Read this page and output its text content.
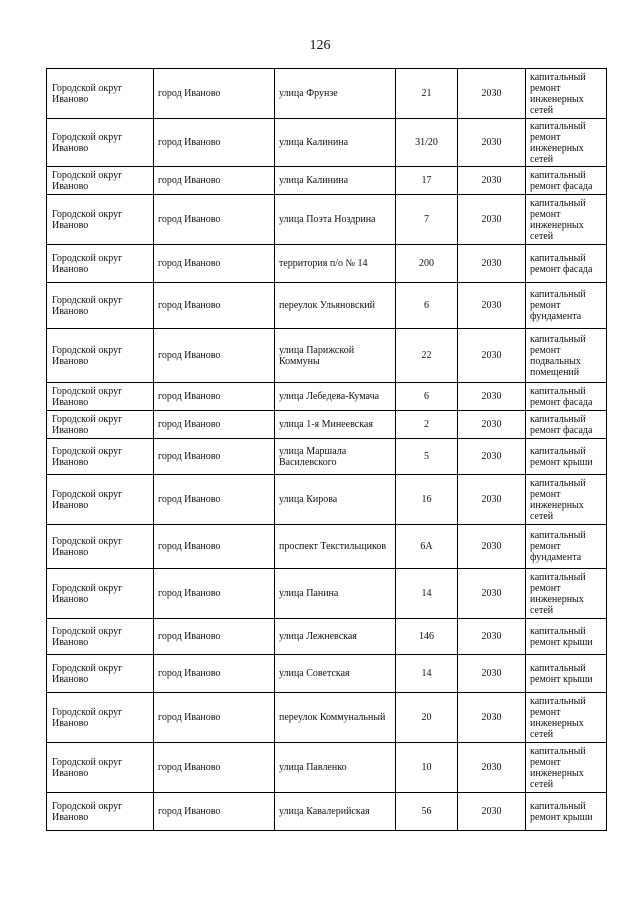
126
Городской округ Иваново	город Иваново	улица Фрунзе	21	2030	капитальный ремонт инженерных сетей
Городской округ Иваново	город Иваново	улица Калинина	31/20	2030	капитальный ремонт инженерных сетей
Городской округ Иваново	город Иваново	улица Калинина	17	2030	капитальный ремонт фасада
Городской округ Иваново	город Иваново	улица Поэта Ноздрина	7	2030	капитальный ремонт инженерных сетей
Городской округ Иваново	город Иваново	территория п/о № 14	200	2030	капитальный ремонт фасада
Городской округ Иваново	город Иваново	переулок Ульяновский	6	2030	капитальный ремонт фундамента
Городской округ Иваново	город Иваново	улица Парижской Коммуны	22	2030	капитальный ремонт подвальных помещений
Городской округ Иваново	город Иваново	улица Лебедева-Кумача	6	2030	капитальный ремонт фасада
Городской округ Иваново	город Иваново	улица 1-я Минеевская	2	2030	капитальный ремонт фасада
Городской округ Иваново	город Иваново	улица Маршала Василевского	5	2030	капитальный ремонт крыши
Городской округ Иваново	город Иваново	улица Кирова	16	2030	капитальный ремонт инженерных сетей
Городской округ Иваново	город Иваново	проспект Текстильщиков	6А	2030	капитальный ремонт фундамента
Городской округ Иваново	город Иваново	улица Панина	14	2030	капитальный ремонт инженерных сетей
Городской округ Иваново	город Иваново	улица Лежневская	146	2030	капитальный ремонт крыши
Городской округ Иваново	город Иваново	улица Советская	14	2030	капитальный ремонт крыши
Городской округ Иваново	город Иваново	переулок Коммунальный	20	2030	капитальный ремонт инженерных сетей
Городской округ Иваново	город Иваново	улица Павленко	10	2030	капитальный ремонт инженерных сетей
Городской округ Иваново	город Иваново	улица Кавалерийская	56	2030	капитальный ремонт крыши
